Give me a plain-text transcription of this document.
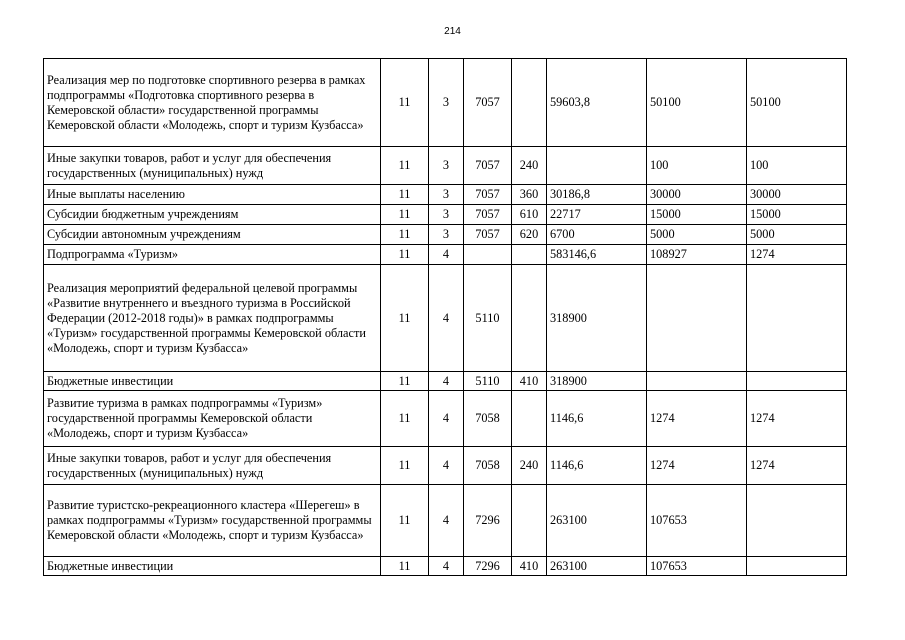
214
Реализация мер по подготовке спортивного резерва в рамках подпрограммы «Подготовка спортивного резерва в Кемеровской области» государственной программы Кемеровской области «Молодежь, спорт и туризм Кузбасса»	11	3	7057		59603,8	50100	50100
Иные закупки товаров, работ и услуг для обеспечения государственных (муниципальных) нужд	11	3	7057	240		100	100
Иные выплаты населению	11	3	7057	360	30186,8	30000	30000
Субсидии бюджетным учреждениям	11	3	7057	610	22717	15000	15000
Субсидии автономным учреждениям	11	3	7057	620	6700	5000	5000
Подпрограмма «Туризм»	11	4			583146,6	108927	1274
Реализация мероприятий федеральной целевой программы «Развитие внутреннего и въездного туризма в Российской Федерации (2012-2018 годы)» в рамках подпрограммы «Туризм» государственной программы Кемеровской области «Молодежь, спорт и туризм Кузбасса»	11	4	5110		318900		
Бюджетные инвестиции	11	4	5110	410	318900		
Развитие туризма в рамках подпрограммы «Туризм» государственной программы Кемеровской области «Молодежь, спорт и туризм Кузбасса»	11	4	7058		1146,6	1274	1274
Иные закупки товаров, работ и услуг для обеспечения государственных (муниципальных) нужд	11	4	7058	240	1146,6	1274	1274
Развитие туристско-рекреационного кластера «Шерегеш» в рамках подпрограммы «Туризм» государственной программы Кемеровской области «Молодежь, спорт и туризм Кузбасса»	11	4	7296		263100	107653	
Бюджетные инвестиции	11	4	7296	410	263100	107653	
